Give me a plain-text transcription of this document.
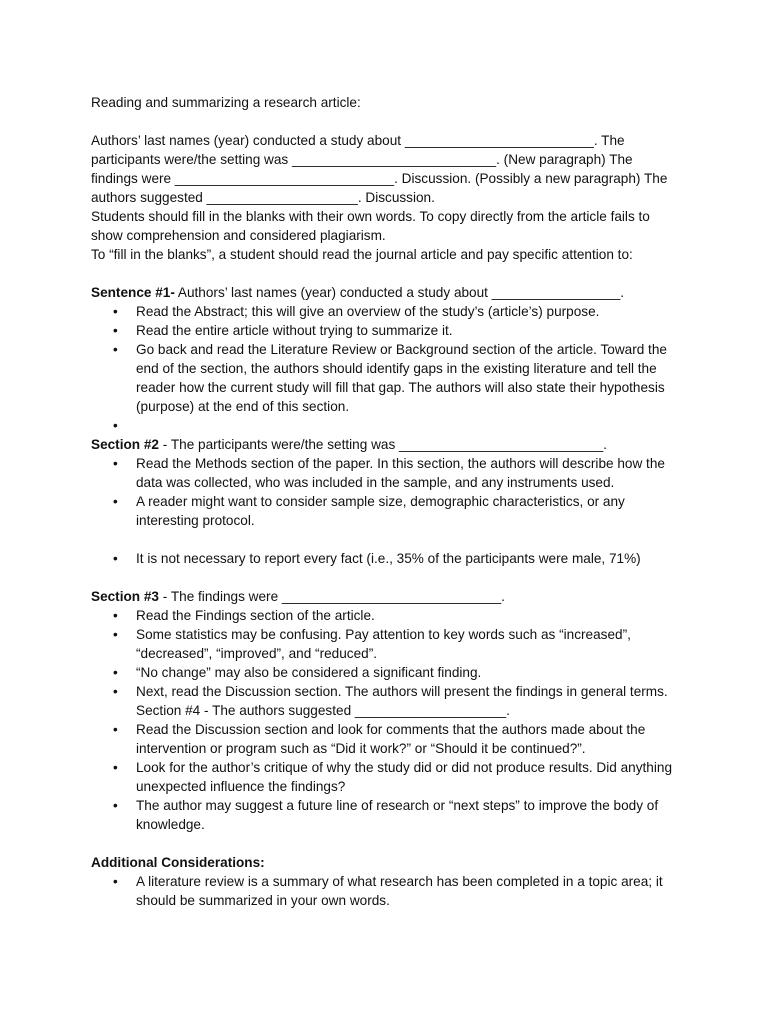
Reading and summarizing a research article:

Authors’ last names (year) conducted a study about _________________________. The participants were/the setting was ___________________________. (New paragraph) The findings were _____________________________. Discussion. (Possibly a new paragraph) The authors suggested ____________________. Discussion.

Students should fill in the blanks with their own words. To copy directly from the article fails to show comprehension and considered plagiarism.

To “fill in the blanks”, a student should read the journal article and pay specific attention to:

Sentence #1- Authors’ last names (year) conducted a study about _________________.

• Read the Abstract; this will give an overview of the study’s (article’s) purpose.
• Read the entire article without trying to summarize it.
• Go back and read the Literature Review or Background section of the article. Toward the end of the section, the authors should identify gaps in the existing literature and tell the reader how the current study will fill that gap. The authors will also state their hypothesis (purpose) at the end of this section.
•

Section #2 - The participants were/the setting was ___________________________.

• Read the Methods section of the paper. In this section, the authors will describe how the data was collected, who was included in the sample, and any instruments used.
• A reader might want to consider sample size, demographic characteristics, or any interesting protocol.
• It is not necessary to report every fact (i.e., 35% of the participants were male, 71%)

Section #3 - The findings were _____________________________.

• Read the Findings section of the article.
• Some statistics may be confusing. Pay attention to key words such as “increased”, “decreased”, “improved”, and “reduced”.
• “No change” may also be considered a significant finding.
• Next, read the Discussion section. The authors will present the findings in general terms. Section #4 - The authors suggested ____________________.
• Read the Discussion section and look for comments that the authors made about the intervention or program such as “Did it work?” or “Should it be continued?”.
• Look for the author’s critique of why the study did or did not produce results. Did anything unexpected influence the findings?
• The author may suggest a future line of research or “next steps” to improve the body of knowledge.

Additional Considerations:

• A literature review is a summary of what research has been completed in a topic area; it should be summarized in your own words.
